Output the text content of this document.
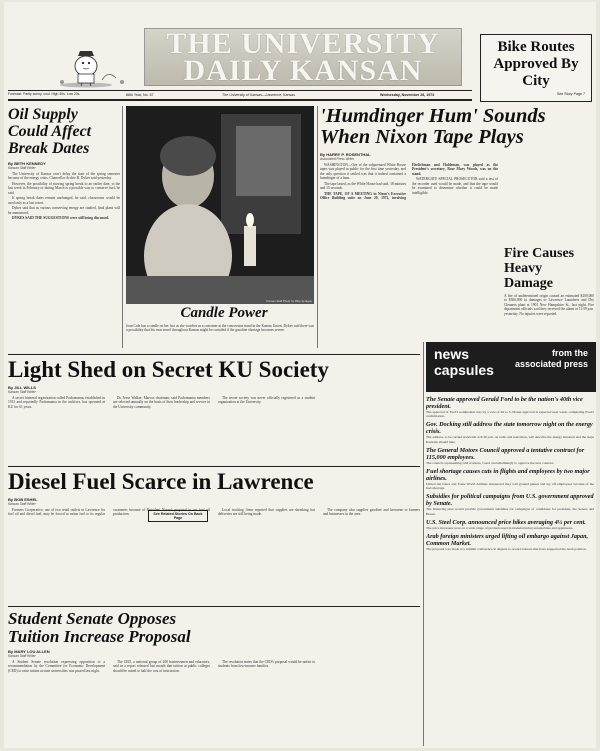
THE UNIVERSITY DAILY KANSAN
Forecast: Partly sunny, cool. High 40s. Low 20s.	86th Year, No. 67	The University of Kansas—Lawrence, Kansas	Wednesday, November 28, 1973
Bike Routes Approved By City
See Story Page 7
Oil Supply Could Affect Break Dates
By BETH KENNEDY
Kansan Staff Writer

The University of Kansas won't delay the start of the spring semester because of the energy crisis, Chancellor Archie R. Dykes said yesterday.

However, the possibility of moving spring break to an earlier date, to the last week in February or during March is a possible way to conserve fuel, he said.

If spring break dates remain unchanged, he said, classrooms would be used only as a last resort.

Dykes said that as various conserving energy are studied, final plans will be announced.

DYKES SAID THE SUGGESTIONS were still being discussed.

Kansan Staff Photo by Mike Sprague
Candle Power
Joan Cole has a candle on her fact as she watches as a customer at the concession stand in the Kansas Union. Dykes said there was a possibility that his own travel throughout Kansas might be curtailed if the gasoline shortage becomes severe.
'Humdinger Hum' Sounds When Nixon Tape Plays
By HARRY P. ROSENTHAL
Associated Press Writer

WASHINGTON—One of the subpoenaed White House tapes was played in public for the first time yesterday, and the only question it settled was that it indeed contained a humdinger of a hum.

The tape lasted, as the White House had said, 18 minutes and 15 seconds.

THE TAPE, OF A MEETING in Nixon's Executive Office Building suite on June 20, 1972, involving Ehrlichman and Haldeman, was played as the President's secretary, Rose Mary Woods, was on the stand.

WATERGATE SPECIAL PROSECUTOR said a test of the recorder used would be made, and that the tape would be examined to determine whether it could be made intelligible.

Fire Causes Heavy Damage
A fire of undetermined origin caused an estimated $200,000 to $300,000 in damages to Lawrence Laundrers and Dry Cleaners plant at 1901 New Hampshire St., last night. Fire department officials said they received the alarm at 11:59 p.m. yesterday. No injuries were reported.
news capsules
from the associated press
The Senate approved Gerald Ford to be the nation's 40th vice president.
The approval of Ford's nomination was by a vote of 92 to 3. House approval is expected next week, completing Ford's confirmation.
Gov. Docking still address the state tomorrow night on the energy crisis.
The address, to be carried statewide at 6:30 p.m. on radio and television, will describe the energy situation and the steps Kansans should take.
The General Motors Council approved a tentative contract for 115,000 employees.
The council, representing GM workers, voted overwhelmingly to approve the new contract.
Fuel shortage causes cuts in flights and employees by two major airlines.
United Air Lines and Trans World Airlines announced they will ground planes and lay off employees because of the fuel shortage.
Subsidies for political campaigns from U.S. government approved by Senate.
The financing plan would provide government subsidies for campaigns of candidates for president, the Senate and House.
U.S. Steel Corp. announced price hikes averaging 4½ per cent.
The price increases were on a wide range of products used in manufacturing automobiles and appliances.
Arab foreign ministers urged lifting oil embargo against Japan, Common Market.
The proposal was made at a summit conference in Algiers to reward nations that have supported the Arab position.
Light Shed on Secret KU Society
By JILL WILLS
Kansan Staff Writer

A secret fraternal organization called Pachamama, established in 1913 and reportedly Pachamama in the archives, has operated at KU for 61 years.

Dr. Jesse Walker, Marcos chairman, said Pachamama members are selected annually on the basis of their leadership and service in the University community.

The secret society was never officially registered as a student organization at the University.

Diesel Fuel Scarce in Lawrence
By BOB ESHEL
Kansan Staff Writer
See Related Stories On Back Page

Farmers Cooperative, one of two retail outlets in Lawrence for fuel oil and diesel fuel, may be forced to ration fuel to its regular customers because of President Nixon's proposal to cut fuel oil production.

Local trucking firms reported that supplies are shrinking but deliveries are still being made.

The company also supplies gasoline and kerosene to farmers and businesses in the area.

Student Senate Opposes Tuition Increase Proposal
By MARY LOU ALLEN
Kansan Staff Writer

A Student Senate resolution expressing opposition to a recommendation by the Committee for Economic Development (CED) to raise tuition at state universities was passed last night.

The CED, a national group of 200 businessmen and educators, said in a report released last month that tuition at public colleges should be raised to half the cost of instruction.

The resolution states that the CED's proposal would be unfair to students from low-income families.
